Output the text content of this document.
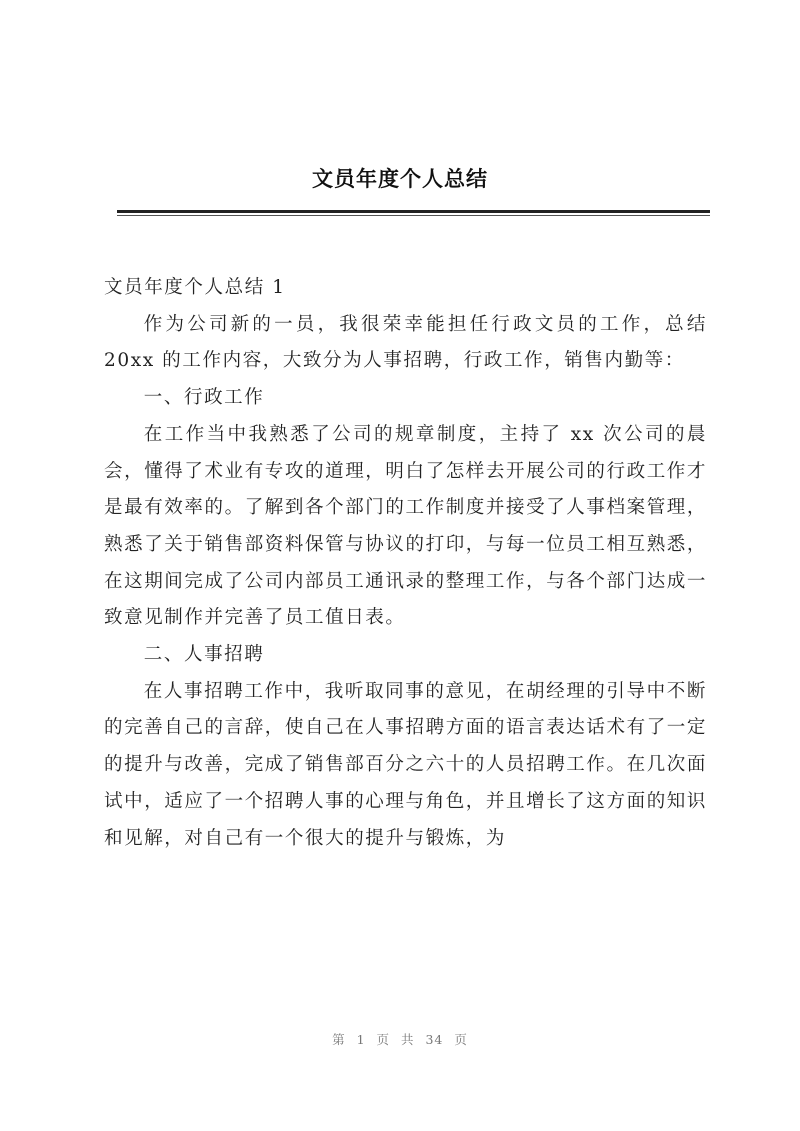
文员年度个人总结

文员年度个人总结 1

作为公司新的一员，我很荣幸能担任行政文员的工作，总结 20xx 的工作内容，大致分为人事招聘，行政工作，销售内勤等：

一、行政工作

在工作当中我熟悉了公司的规章制度，主持了 xx 次公司的晨会，懂得了术业有专攻的道理，明白了怎样去开展公司的行政工作才是最有效率的。了解到各个部门的工作制度并接受了人事档案管理，熟悉了关于销售部资料保管与协议的打印，与每一位员工相互熟悉，在这期间完成了公司内部员工通讯录的整理工作，与各个部门达成一致意见制作并完善了员工值日表。

二、人事招聘

在人事招聘工作中，我听取同事的意见，在胡经理的引导中不断的完善自己的言辞，使自己在人事招聘方面的语言表达话术有了一定的提升与改善，完成了销售部百分之六十的人员招聘工作。在几次面试中，适应了一个招聘人事的心理与角色，并且增长了这方面的知识和见解，对自己有一个很大的提升与锻炼，为

第 1 页 共 34 页
